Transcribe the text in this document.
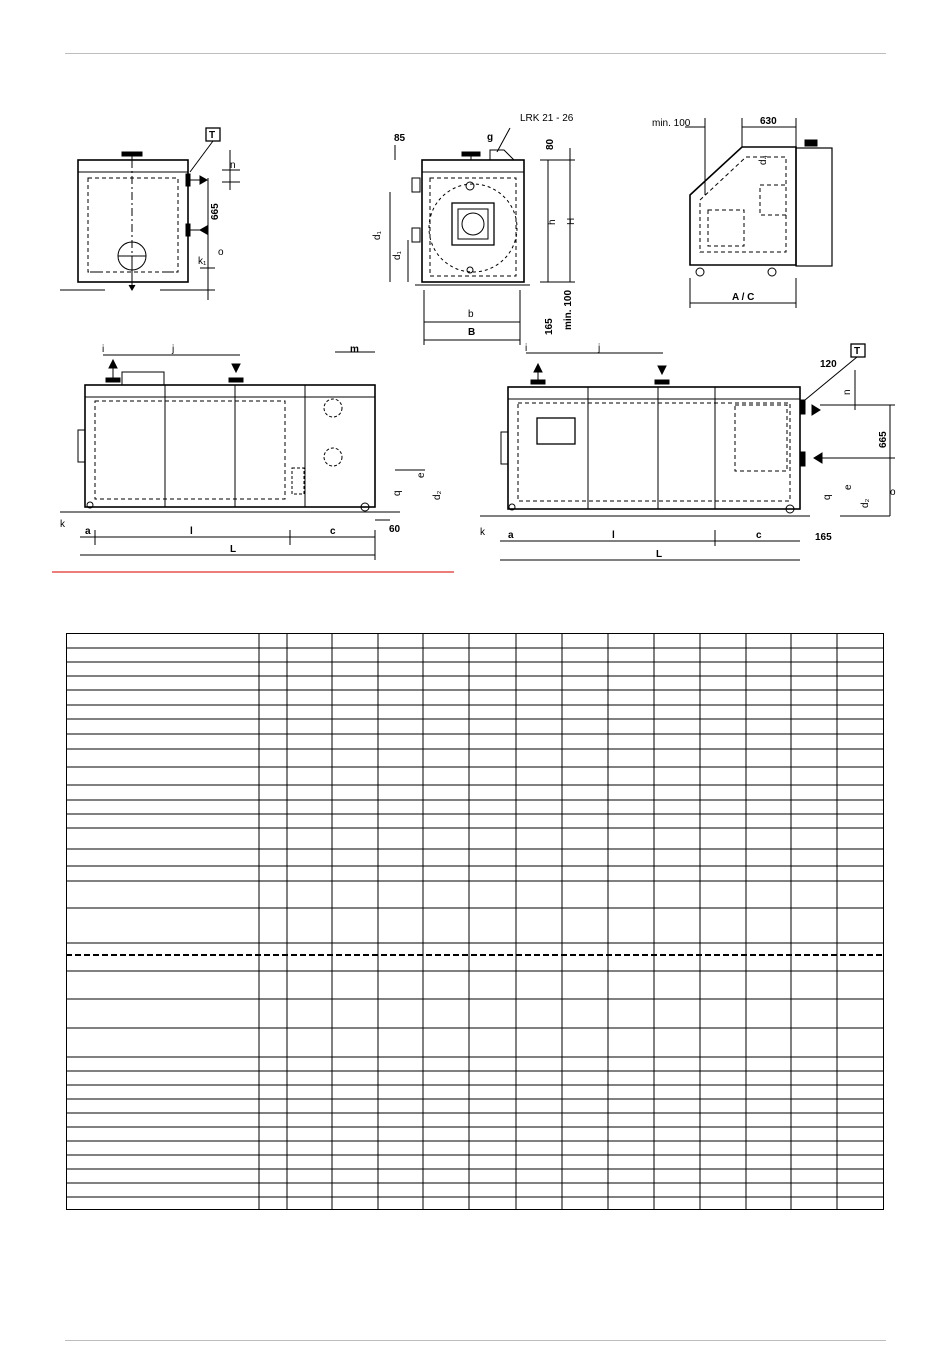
T
n
665
k₁
o
LRK 21 - 26
85	g
80
d₁
d₁
h H
b
B	165 min. 100
min. 100	630
d₄
A / C
i	j	m
e
q	d₂
k
a	l	c	60
L
i	j
120
T
n
665
e
q
d₂
o
k a	l	c	165
L
